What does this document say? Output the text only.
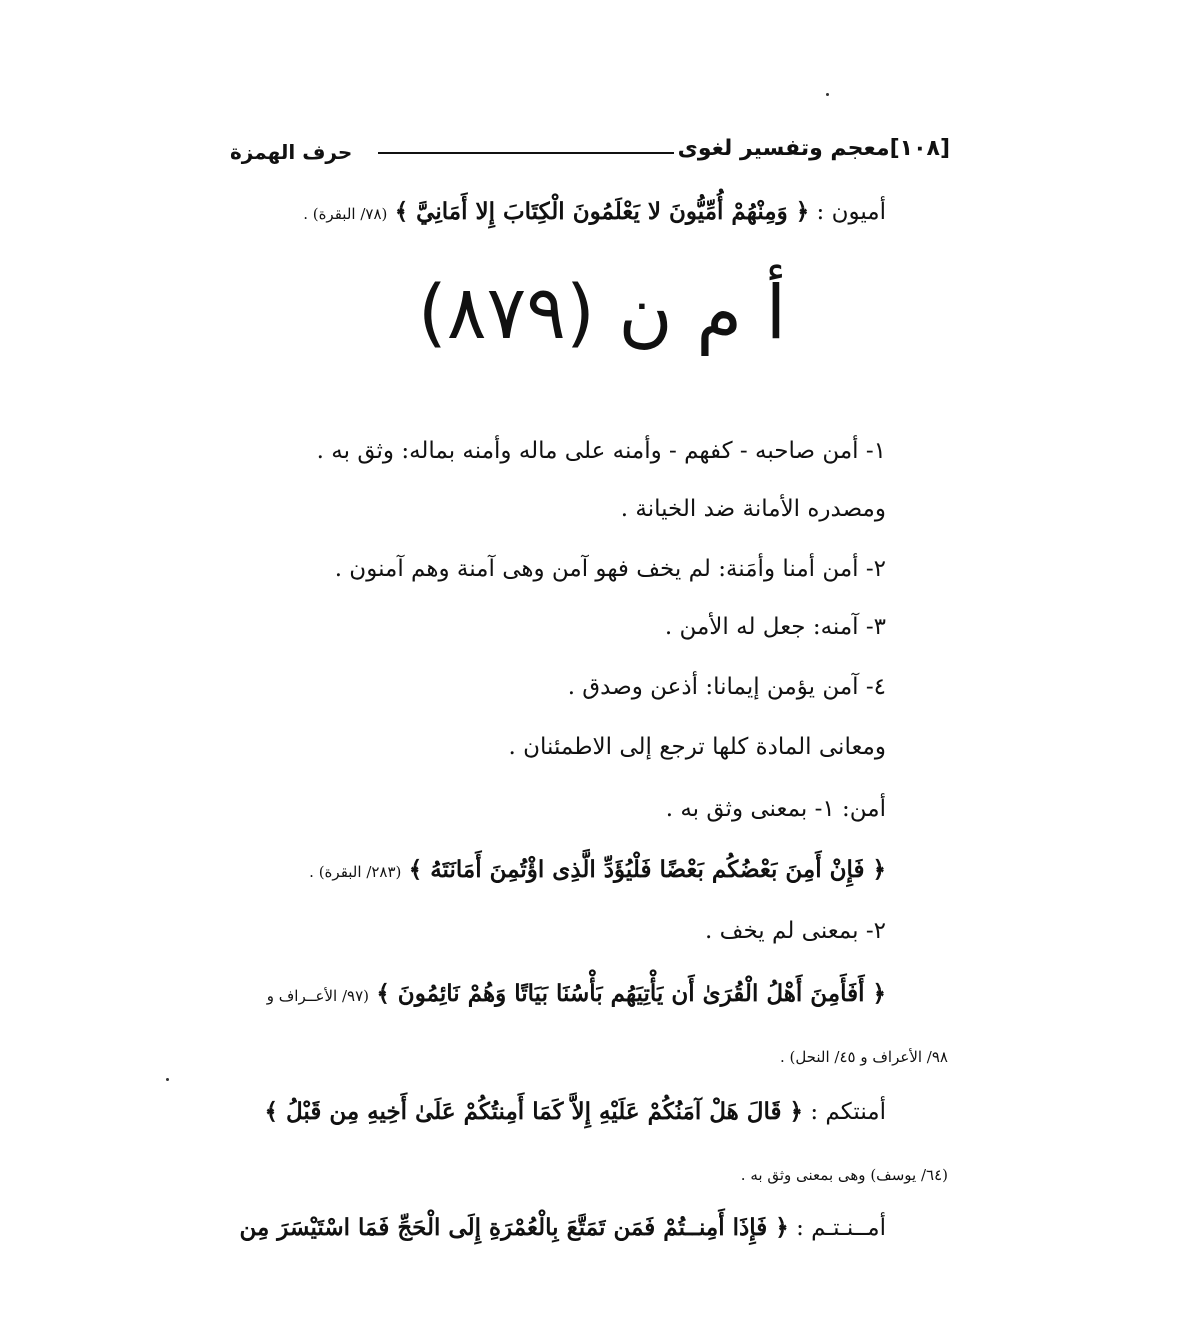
[١٠٨]معجم وتفسير لغوى
حرف الهمزة
أميون : ﴿ وَمِنْهُمْ أُمِّيُّونَ لا يَعْلَمُونَ الْكِتَابَ إِلا أَمَانِيَّ ﴾ (٧٨/ البقرة) .
أ م ن (٨٧٩)
١- أمن صاحبه - كفهم - وأمنه على ماله وأمنه بماله: وثق به .
ومصدره الأمانة ضد الخيانة .
٢- أمن أمنا وأمَنة: لم يخف فهو آمن وهى آمنة وهم آمنون .
٣- آمنه: جعل له الأمن .
٤- آمن يؤمن إيمانا: أذعن وصدق .
ومعانى المادة كلها ترجع إلى الاطمئنان .
أمن: ١- بمعنى وثق به .
﴿ فَإِنْ أَمِنَ بَعْضُكُم بَعْضًا فَلْيُؤَدِّ الَّذِى اؤْتُمِنَ أَمَانَتَهُ ﴾ (٢٨٣/ البقرة) .
٢- بمعنى لم يخف .
﴿ أَفَأَمِنَ أَهْلُ الْقُرَىٰ أَن يَأْتِيَهُم بَأْسُنَا بَيَاتًا وَهُمْ نَائِمُونَ ﴾ (٩٧/ الأعــراف و
٩٨/ الأعراف و ٤٥/ النحل) .
أمنتكم : ﴿ قَالَ هَلْ آمَنُكُمْ عَلَيْهِ إِلاَّ كَمَا أَمِنتُكُمْ عَلَىٰ أَخِيهِ مِن قَبْلُ ﴾
(٦٤/ يوسف) وهى بمعنى وثق به .
أمــنـتـم : ﴿ فَإِذَا أَمِنــتُمْ فَمَن تَمَتَّعَ بِالْعُمْرَةِ إِلَى الْحَجِّ فَمَا اسْتَيْسَرَ مِن
